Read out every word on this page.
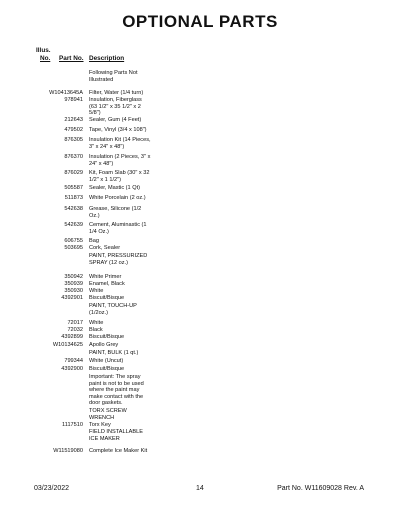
OPTIONAL PARTS
Illus.
No. Part No. Description
Following Parts Not Illustrated
W10413645A Filter, Water (1/4 turn)
978941 Insulation, Fiberglass (63 1/2" x 35 1/2" x 2 5/8")
212643 Sealer, Gum (4 Feet)
479502 Tape, Vinyl (3/4 x 108")
876305 Insulation Kit (14 Pieces, 3" x 24" x 48")
876370 Insulation (2 Pieces, 3" x 24" x 48")
876029 Kit, Foam Slab (30" x 32 1/2" x 1 1/2")
505587 Sealer, Mastic (1 Qt)
511873 White Porcelain (2 oz.)
542638 Grease, Silicone (1/2 Oz.)
542639 Cement, Aluminastic (1 1/4 Oz.)
606755 Bag
503695 Cork, Sealer
PAINT, PRESSURIZED SPRAY (12 oz.)
350942 White Primer
350939 Enamel, Black
350930 White
4392901 Biscuit/Bisque
PAINT, TOUCH-UP (1/2oz.)
72017 White
72032 Black
4392899 Biscuit/Bisque
W10134625 Apollo Grey
PAINT, BULK (1 qt.)
799344 White (Uncut)
4392900 Biscuit/Bisque
Important: The spray paint is not to be used where the paint may make contact with the door gaskets.
TORX SCREW WRENCH
1117510 Torx Key
FIELD INSTALLABLE ICE MAKER
W11519080 Complete Ice Maker Kit
03/23/2022	14	Part No. W11609028 Rev. A
